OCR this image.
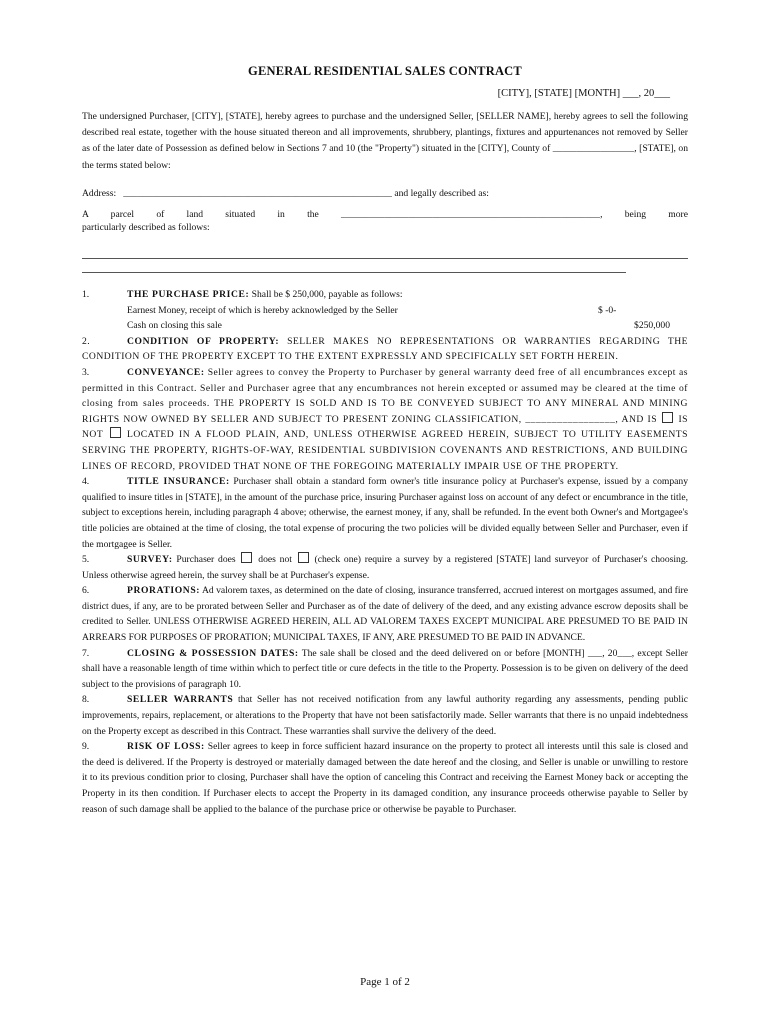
GENERAL RESIDENTIAL SALES CONTRACT
[CITY], [STATE] [MONTH] ___, 20___
The undersigned Purchaser, [CITY], [STATE], hereby agrees to purchase and the undersigned Seller, [SELLER NAME], hereby agrees to sell the following described real estate, together with the house situated thereon and all improvements, shrubbery, plantings, fixtures and appurtenances not removed by Seller as of the later date of Possession as defined below in Sections 7 and 10 (the "Property") situated in the [CITY], County of _________________, [STATE], on the terms stated below:
Address:   ________________________________________________________ and legally described as:
A parcel of land situated in the ______________________________________________________, being more
particularly described as follows:

1.	THE PURCHASE PRICE: Shall be $ 250,000, payable as follows:

Earnest Money, receipt of which is hereby acknowledged by the Seller	$ -0-
Cash on closing this sale	$250,000

2.	CONDITION OF PROPERTY: SELLER MAKES NO REPRESENTATIONS OR WARRANTIES REGARDING THE CONDITION OF THE PROPERTY EXCEPT TO THE EXTENT EXPRESSLY AND SPECIFICALLY SET FORTH HEREIN.

3.	CONVEYANCE: Seller agrees to convey the Property to Purchaser by general warranty deed free of all encumbrances except as permitted in this Contract. Seller and Purchaser agree that any encumbrances not herein excepted or assumed may be cleared at the time of closing from sales proceeds. THE PROPERTY IS SOLD AND IS TO BE CONVEYED SUBJECT TO ANY MINERAL AND MINING RIGHTS NOW OWNED BY SELLER AND SUBJECT TO PRESENT ZONING CLASSIFICATION, _________________, AND IS IS NOT LOCATED IN A FLOOD PLAIN, AND, UNLESS OTHERWISE AGREED HEREIN, SUBJECT TO UTILITY EASEMENTS SERVING THE PROPERTY, RIGHTS-OF-WAY, RESIDENTIAL SUBDIVISION COVENANTS AND RESTRICTIONS, AND BUILDING LINES OF RECORD, PROVIDED THAT NONE OF THE FOREGOING MATERIALLY IMPAIR USE OF THE PROPERTY.

4.	TITLE INSURANCE: Purchaser shall obtain a standard form owner's title insurance policy at Purchaser's expense, issued by a company qualified to insure titles in [STATE], in the amount of the purchase price, insuring Purchaser against loss on account of any defect or encumbrance in the title, subject to exceptions herein, including paragraph 4 above; otherwise, the earnest money, if any, shall be refunded. In the event both Owner's and Mortgagee's title policies are obtained at the time of closing, the total expense of procuring the two policies will be divided equally between Seller and Purchaser, even if the mortgagee is Seller.

5.	SURVEY: Purchaser does does not (check one) require a survey by a registered [STATE] land surveyor of Purchaser's choosing. Unless otherwise agreed herein, the survey shall be at Purchaser's expense.

6.	PRORATIONS: Ad valorem taxes, as determined on the date of closing, insurance transferred, accrued interest on mortgages assumed, and fire district dues, if any, are to be prorated between Seller and Purchaser as of the date of delivery of the deed, and any existing advance escrow deposits shall be credited to Seller. UNLESS OTHERWISE AGREED HEREIN, ALL AD VALOREM TAXES EXCEPT MUNICIPAL ARE PRESUMED TO BE PAID IN ARREARS FOR PURPOSES OF PRORATION; MUNICIPAL TAXES, IF ANY, ARE PRESUMED TO BE PAID IN ADVANCE.

7.	CLOSING & POSSESSION DATES: The sale shall be closed and the deed delivered on or before [MONTH] ___, 20___, except Seller shall have a reasonable length of time within which to perfect title or cure defects in the title to the Property. Possession is to be given on delivery of the deed subject to the provisions of paragraph 10.

8.	SELLER WARRANTS that Seller has not received notification from any lawful authority regarding any assessments, pending public improvements, repairs, replacement, or alterations to the Property that have not been satisfactorily made. Seller warrants that there is no unpaid indebtedness on the Property except as described in this Contract. These warranties shall survive the delivery of the deed.

9.	RISK OF LOSS: Seller agrees to keep in force sufficient hazard insurance on the property to protect all interests until this sale is closed and the deed is delivered. If the Property is destroyed or materially damaged between the date hereof and the closing, and Seller is unable or unwilling to restore it to its previous condition prior to closing, Purchaser shall have the option of canceling this Contract and receiving the Earnest Money back or accepting the Property in its then condition. If Purchaser elects to accept the Property in its damaged condition, any insurance proceeds otherwise payable to Seller by reason of such damage shall be applied to the balance of the purchase price or otherwise be payable to Purchaser.

Page 1 of 2
